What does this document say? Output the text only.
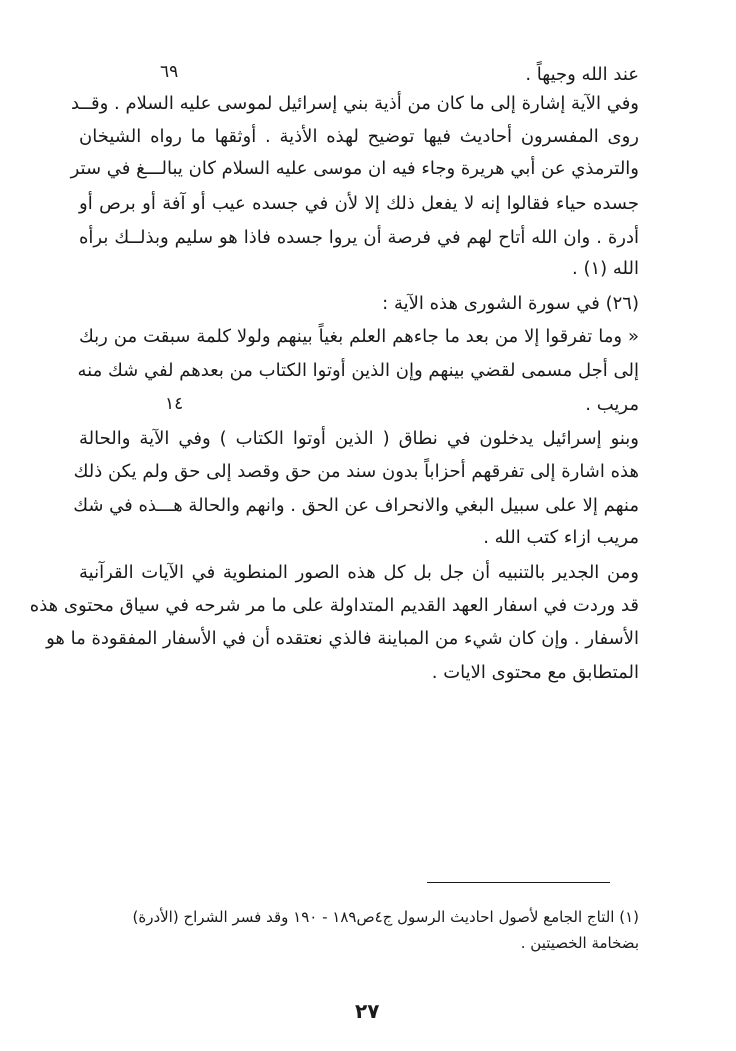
٦٩	عند الله وجيهاً .
وفي الآية إشارة إلى ما كان من أذية بني إسرائيل لموسى عليه السلام . وقــد
روى المفسرون أحاديث فيها توضيح لهذه الأذية . أوثقها ما رواه الشيخان
والترمذي عن أبي هريرة وجاء فيه ان موسى عليه السلام كان يبالـــغ في ستر
جسده حياء فقالوا إنه لا يفعل ذلك إلا لأن في جسده عيب أو آفة أو برص أو
أدرة . وان الله أتاح لهم في فرصة أن يروا جسده فاذا هو سليم وبذلــك برأه
الله (١) .
(٢٦) في سورة الشورى هذه الآية :
« وما تفرقوا إلا من بعد ما جاءهم العلم بغياً بينهم ولولا كلمة سبقت من ربك
إلى أجل مسمى لقضي بينهم وإن الذين أوتوا الكتاب من بعدهم لفي شك منه
مريب .
١٤
وبنو إسرائيل يدخلون في نطاق ( الذين أوتوا الكتاب ) وفي الآية والحالة
هذه اشارة إلى تفرقهم أحزاباً بدون سند من حق وقصد إلى حق ولم يكن ذلك
منهم إلا على سبيل البغي والانحراف عن الحق . وانهم والحالة هـــذه في شك
مريب ازاء كتب الله .
ومن الجدير بالتنبيه أن جل بل كل هذه الصور المنطوية في الآيات القرآنية
قد وردت في اسفار العهد القديم المتداولة على ما مر شرحه في سياق محتوى هذه
الأسفار . وإن كان شيء من المباينة فالذي نعتقده أن في الأسفار المفقودة ما هو
المتطابق مع محتوى الايات .
(١) التاج الجامع لأصول احاديث الرسول ج٤ص١٨٩ - ١٩٠ وقد فسر الشراح (الأدرة)
بضخامة الخصيتين .
٢٧
